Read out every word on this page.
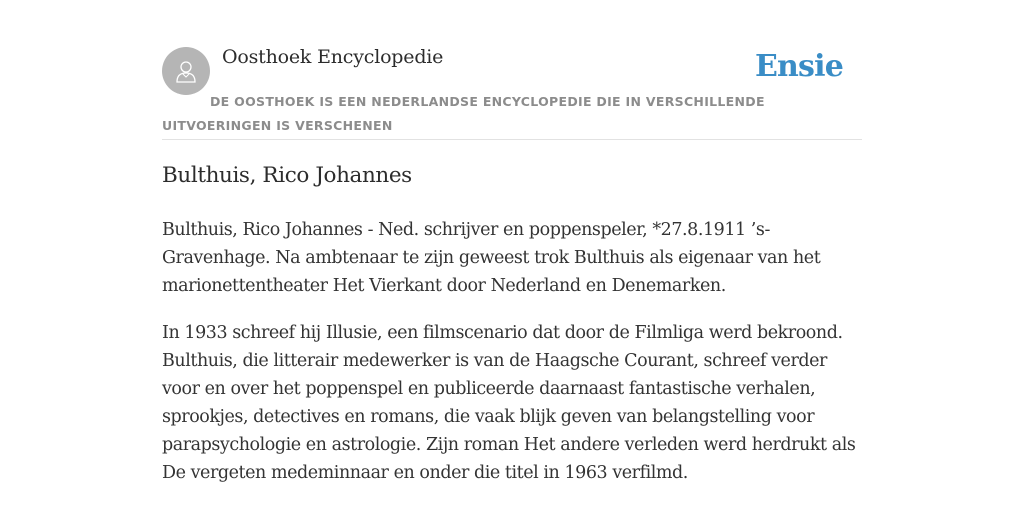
Oosthoek Encyclopedie	Ensie
DE OOSTHOEK IS EEN NEDERLANDSE ENCYCLOPEDIE DIE IN VERSCHILLENDE UITVOERINGEN IS VERSCHENEN
Bulthuis, Rico Johannes

Bulthuis, Rico Johannes - Ned. schrijver en poppenspeler, *27.8.1911 ’s-Gravenhage. Na ambtenaar te zijn geweest trok Bulthuis als eigenaar van het marionettentheater Het Vierkant door Nederland en Denemarken.

In 1933 schreef hij Illusie, een filmscenario dat door de Filmliga werd bekroond. Bulthuis, die litterair medewerker is van de Haagsche Courant, schreef verder voor en over het poppenspel en publiceerde daarnaast fantastische verhalen, sprookjes, detectives en romans, die vaak blijk geven van belangstelling voor parapsychologie en astrologie. Zijn roman Het andere verleden werd herdrukt als De vergeten medeminnaar en onder die titel in 1963 verfilmd.
